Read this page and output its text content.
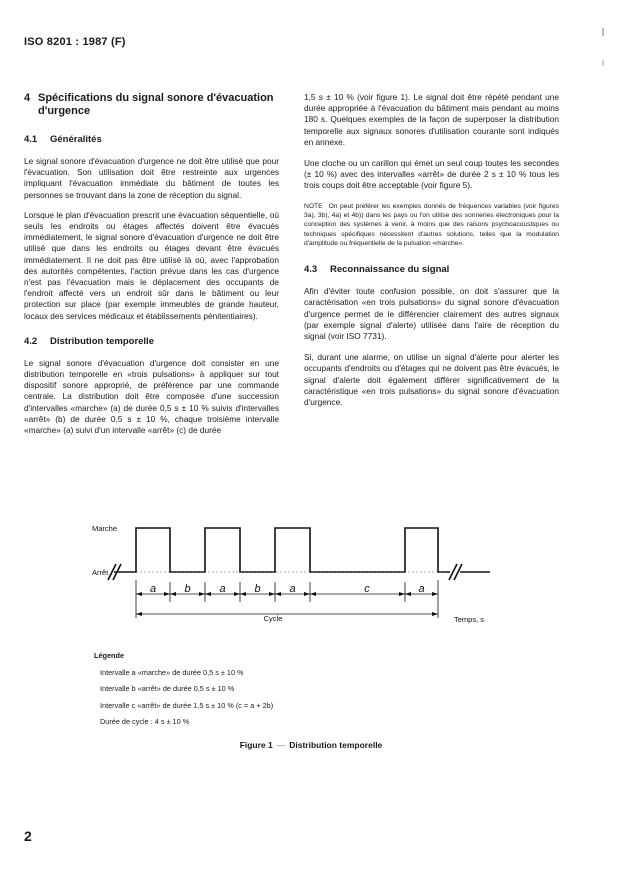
ISO 8201 : 1987 (F)
4 Spécifications du signal sonore d'évacuation d'urgence
4.1	Généralités

Le signal sonore d'évacuation d'urgence ne doit être utilisé que pour l'évacuation. Son utilisation doit être restreinte aux urgences impliquant l'évacuation immédiate du bâtiment de toutes les personnes se trouvant dans la zone de réception du signal.

Lorsque le plan d'évacuation prescrit une évacuation séquentielle, où seuls les endroits ou étages affectés doivent être évacués immédiatement, le signal sonore d'évacuation d'urgence ne doit être utilisé que dans les endroits ou étages devant être évacués immédiatement. Il ne doit pas être utilisé là où, avec l'approbation des autorités compétentes, l'action prévue dans les cas d'urgence n'est pas l'évacuation mais le déplacement des occupants de l'endroit affecté vers un endroit sûr dans le bâtiment ou leur protection sur place (par exemple immeubles de grande hauteur, locaux des services médicaux et établissements pénitentiaires).

4.2	Distribution temporelle

Le signal sonore d'évacuation d'urgence doit consister en une distribution temporelle en «trois pulsations» à appliquer sur tout dispositif sonore approprié, de préférence par une commande centrale. La distribution doit être composée d'une succession d'intervalles «marche» (a) de durée 0,5 s ± 10 % suivis d'intervalles «arrêt» (b) de durée 0,5 s ± 10 %, chaque troisième intervalle «marche» (a) suivi d'un intervalle «arrêt» (c) de durée

1,5 s ± 10 % (voir figure 1). Le signal doit être répété pendant une durée appropriée à l'évacuation du bâtiment mais pendant au moins 180 s. Quelques exemples de la façon de superposer la distribution temporelle aux signaux sonores d'utilisation courante sont indiqués en annexe.

Une cloche ou un carillon qui émet un seul coup toutes les secondes (± 10 %) avec des intervalles «arrêt» de durée 2 s ± 10 % tous les trois coups doit être acceptable (voir figure 5).

NOTE On peut préférer les exemples donnés de fréquences variables (voir figures 3a), 3b), 4a) et 4b)) dans les pays ou l'on utilise des sonneries électroniques pour la conception des systèmes à venir, à moins que des raisons psychoacoustiques ou techniques spécifiques nécessitent d'autres solutions, telles que la modulation d'amplitude ou fréquentielle de la pulsation «marche».

4.3	Reconnaissance du signal

Afin d'éviter toute confusion possible, on doit s'assurer que la caractérisation «en trois pulsations» du signal sonore d'évacuation d'urgence permet de le différencier clairement des autres signaux (par exemple signal d'alerte) utilisée dans l'aire de réception du signal (voir ISO 7731).

Si, durant une alarme, on utilise un signal d'alerte pour alerter les occupants d'endroits ou d'étages qui ne doivent pas être évacués, le signal d'alerte doit également différer significativement de la caractéristique «en trois pulsations» du signal sonore d'évacuation d'urgence.

Marche
Arrêt
Cycle	Temps, s
a	b	a	b	a	c	a
Légende
Intervalle a «marche» de durée 0,5 s ± 10 %
Intervalle b «arrêt» de durée 0,5 s ± 10 %
Intervalle c «arrêt» de durée 1,5 s ± 10 % (c = a + 2b)
Durée de cycle : 4 s ± 10 %
Figure 1 — Distribution temporelle
2
